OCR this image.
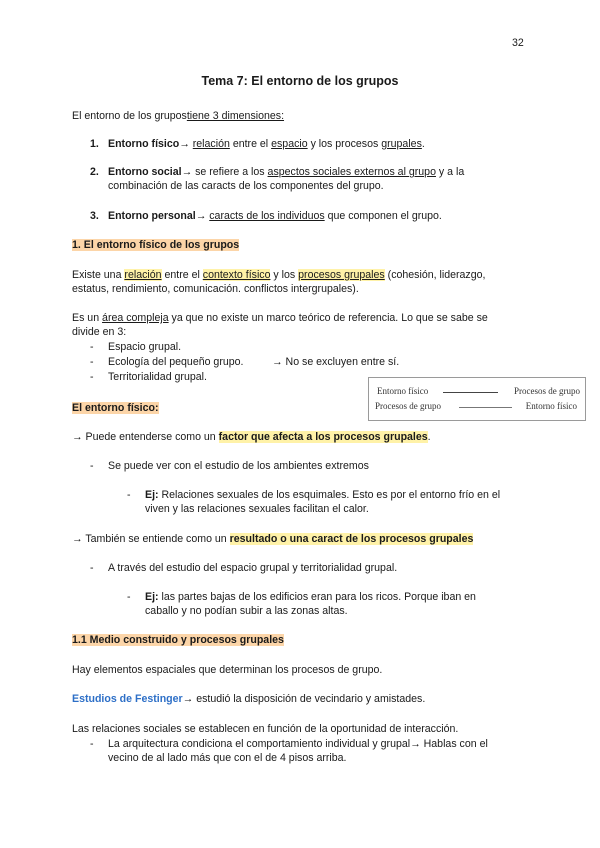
32
Tema 7: El entorno de los grupos
El entorno de los grupostiene 3 dimensiones:
1. Entorno físico→ relación entre el espacio y los procesos grupales.
2. Entorno social→ se refiere a los aspectos sociales externos al grupo y a la
combinación de las caracts de los componentes del grupo.
3. Entorno personal→ caracts de los individuos que componen el grupo.
1. El entorno físico de los grupos
Existe una relación entre el contexto físico y los procesos grupales (cohesión, liderazgo,
estatus, rendimiento, comunicación. conflictos intergrupales).
Es un área compleja ya que no existe un marco teórico de referencia. Lo que se sabe se
divide en 3:
- Espacio grupal.
- Ecología del pequeño grupo.	→ No se excluyen entre sí.
- Territorialidad grupal.
Entorno físico	Procesos de grupo
Procesos de grupo	Entorno físico
El entorno físico:
→ Puede entenderse como un factor que afecta a los procesos grupales.
- Se puede ver con el estudio de los ambientes extremos
- Ej: Relaciones sexuales de los esquimales. Esto es por el entorno frío en el
viven y las relaciones sexuales facilitan el calor.
→ También se entiende como un resultado o una caract de los procesos grupales
- A través del estudio del espacio grupal y territorialidad grupal.
- Ej: las partes bajas de los edificios eran para los ricos. Porque iban en
caballo y no podían subir a las zonas altas.
1.1 Medio construido y procesos grupales
Hay elementos espaciales que determinan los procesos de grupo.
Estudios de Festinger→ estudió la disposición de vecindario y amistades.
Las relaciones sociales se establecen en función de la oportunidad de interacción.
- La arquitectura condiciona el comportamiento individual y grupal→ Hablas con el
vecino de al lado más que con el de 4 pisos arriba.
